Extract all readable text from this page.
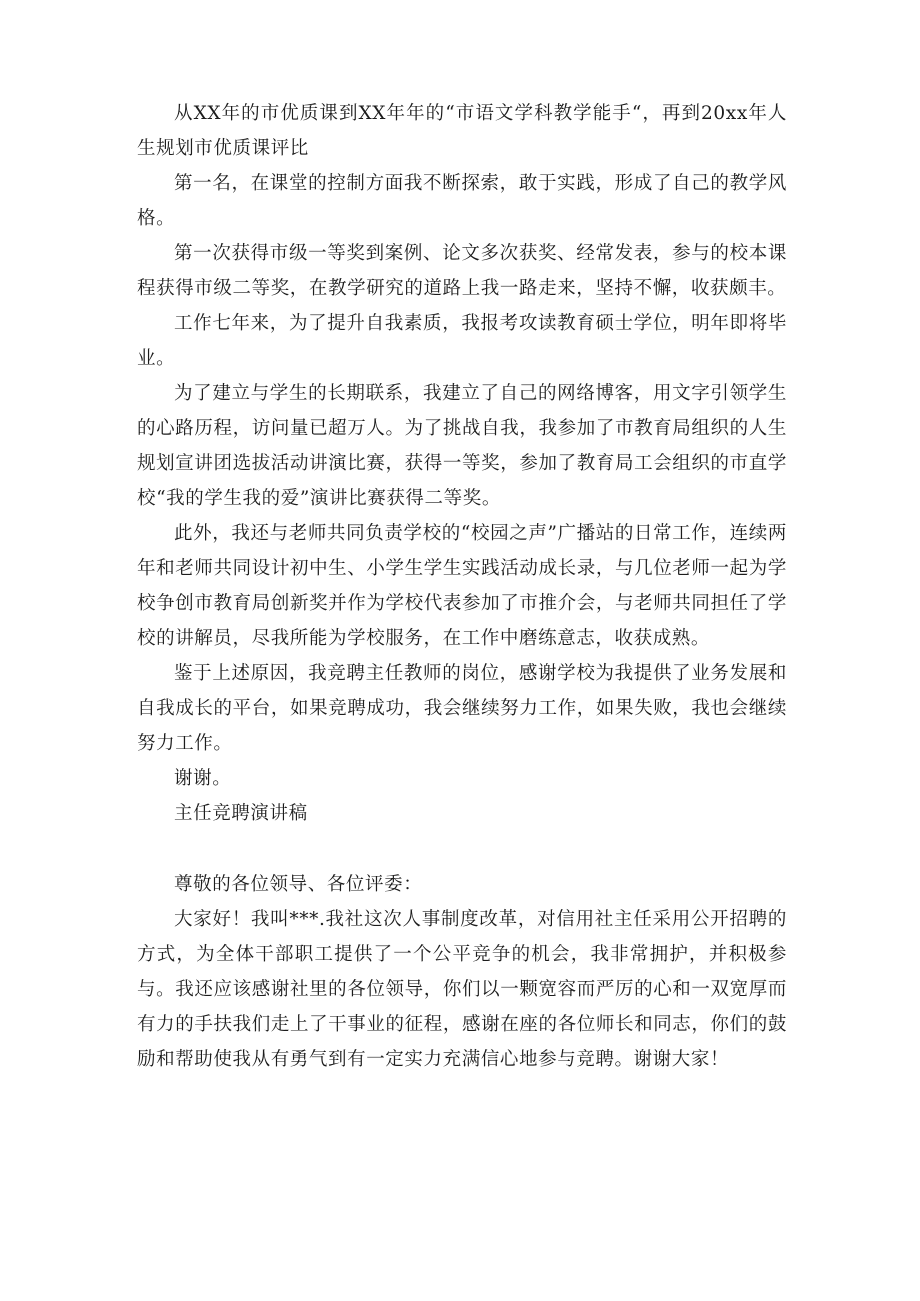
从XX年的市优质课到XX年年的“市语文学科教学能手“，再到20xx年人生规划市优质课评比

第一名，在课堂的控制方面我不断探索，敢于实践，形成了自己的教学风格。

第一次获得市级一等奖到案例、论文多次获奖、经常发表，参与的校本课程获得市级二等奖，在教学研究的道路上我一路走来，坚持不懈，收获颇丰。

工作七年来，为了提升自我素质，我报考攻读教育硕士学位，明年即将毕业。

为了建立与学生的长期联系，我建立了自己的网络博客，用文字引领学生的心路历程，访问量已超万人。为了挑战自我，我参加了市教育局组织的人生规划宣讲团选拔活动讲演比赛，获得一等奖，参加了教育局工会组织的市直学校“我的学生我的爱”演讲比赛获得二等奖。

此外，我还与老师共同负责学校的“校园之声”广播站的日常工作，连续两年和老师共同设计初中生、小学生学生实践活动成长录，与几位老师一起为学校争创市教育局创新奖并作为学校代表参加了市推介会，与老师共同担任了学校的讲解员，尽我所能为学校服务，在工作中磨练意志，收获成熟。

鉴于上述原因，我竞聘主任教师的岗位，感谢学校为我提供了业务发展和自我成长的平台，如果竞聘成功，我会继续努力工作，如果失败，我也会继续努力工作。

谢谢。

主任竞聘演讲稿

尊敬的各位领导、各位评委：

大家好！我叫***.我社这次人事制度改革，对信用社主任采用公开招聘的方式，为全体干部职工提供了一个公平竞争的机会，我非常拥护，并积极参与。我还应该感谢社里的各位领导，你们以一颗宽容而严厉的心和一双宽厚而有力的手扶我们走上了干事业的征程，感谢在座的各位师长和同志，你们的鼓励和帮助使我从有勇气到有一定实力充满信心地参与竞聘。谢谢大家！
